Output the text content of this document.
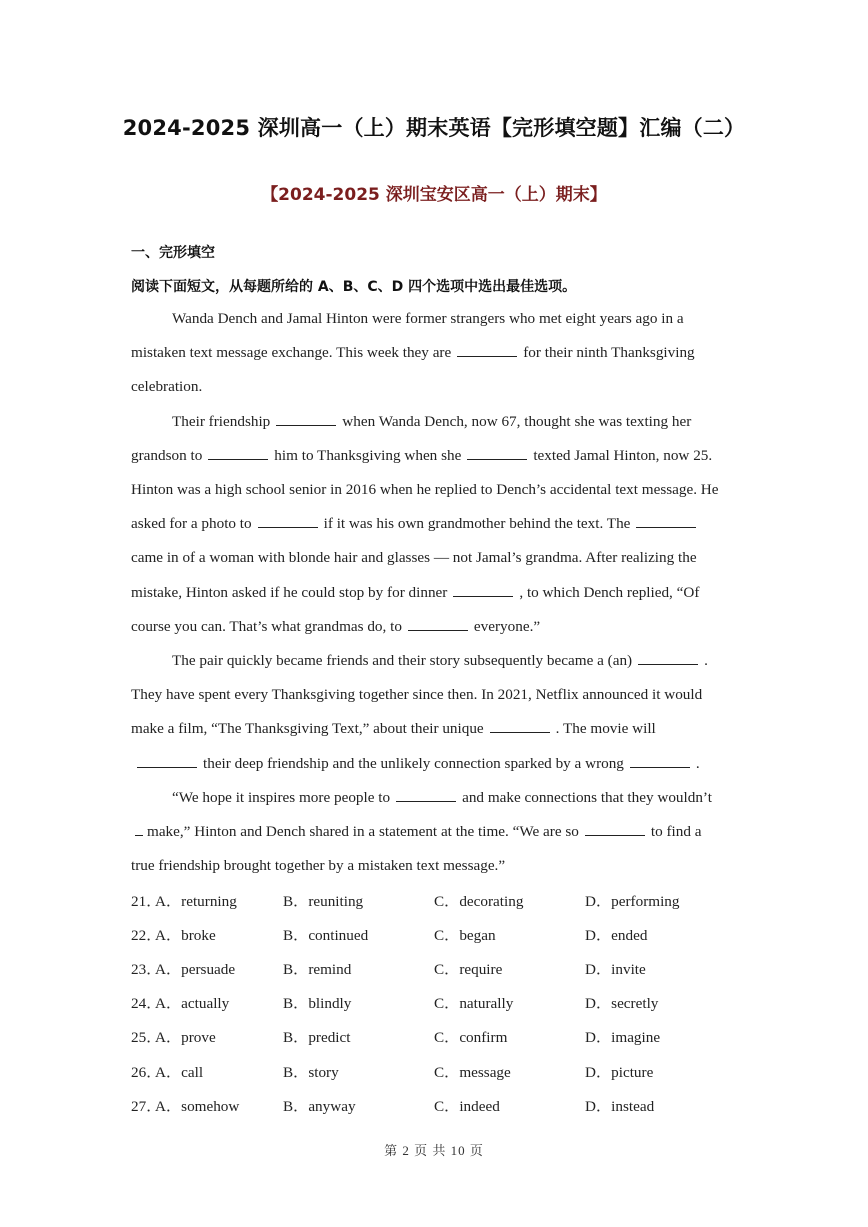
2024-2025 深圳高一（上）期末英语【完形填空题】汇编（二）
【2024-2025 深圳宝安区高一（上）期末】
一、完形填空
阅读下面短文，从每题所给的 A、B、C、D 四个选项中选出最佳选项。

Wanda Dench and Jamal Hinton were former strangers who met eight years ago in a mistaken text message exchange. This week they are	for their ninth Thanksgiving celebration.

Their friendship	when Wanda Dench, now 67, thought she was texting her grandson to	him to Thanksgiving when she	texted Jamal Hinton, now 25. Hinton was a high school senior in 2016 when he replied to Dench’s accidental text message. He asked for a photo to	if it was his own grandmother behind the text. Thecame in of a woman with blonde hair and glasses — not Jamal’s grandma. After realizing the mistake, Hinton asked if he could stop by for dinner	, to which Dench replied, “Of course you can. That’s what grandmas do, to	everyone.”

The pair quickly became friends and their story subsequently became a (an)	. They have spent every Thanksgiving together since then. In 2021, Netflix announced it would make a film, “The Thanksgiving Text,” about their unique	. The movie willtheir deep friendship and the unlikely connection sparked by a wrong	.

“We hope it inspires more people to	and make connections that they wouldn’tmake,” Hinton and Dench shared in a statement at the time. “We are so	to find a true friendship brought together by a mistaken text message.”

21．
A．returning	B．reuniting	C．decorating	D．performing
22．
A．broke	B．continued	C．began	D．ended
23．
A．persuade	B．remind	C．require	D．invite
24．
A．actually	B．blindly	C．naturally	D．secretly
25．
A．prove	B．predict	C．confirm	D．imagine
26．
A．call	B．story	C．message	D．picture
27．
A．somehow	B．anyway	C．indeed	D．instead
第 2 页 共 10 页
